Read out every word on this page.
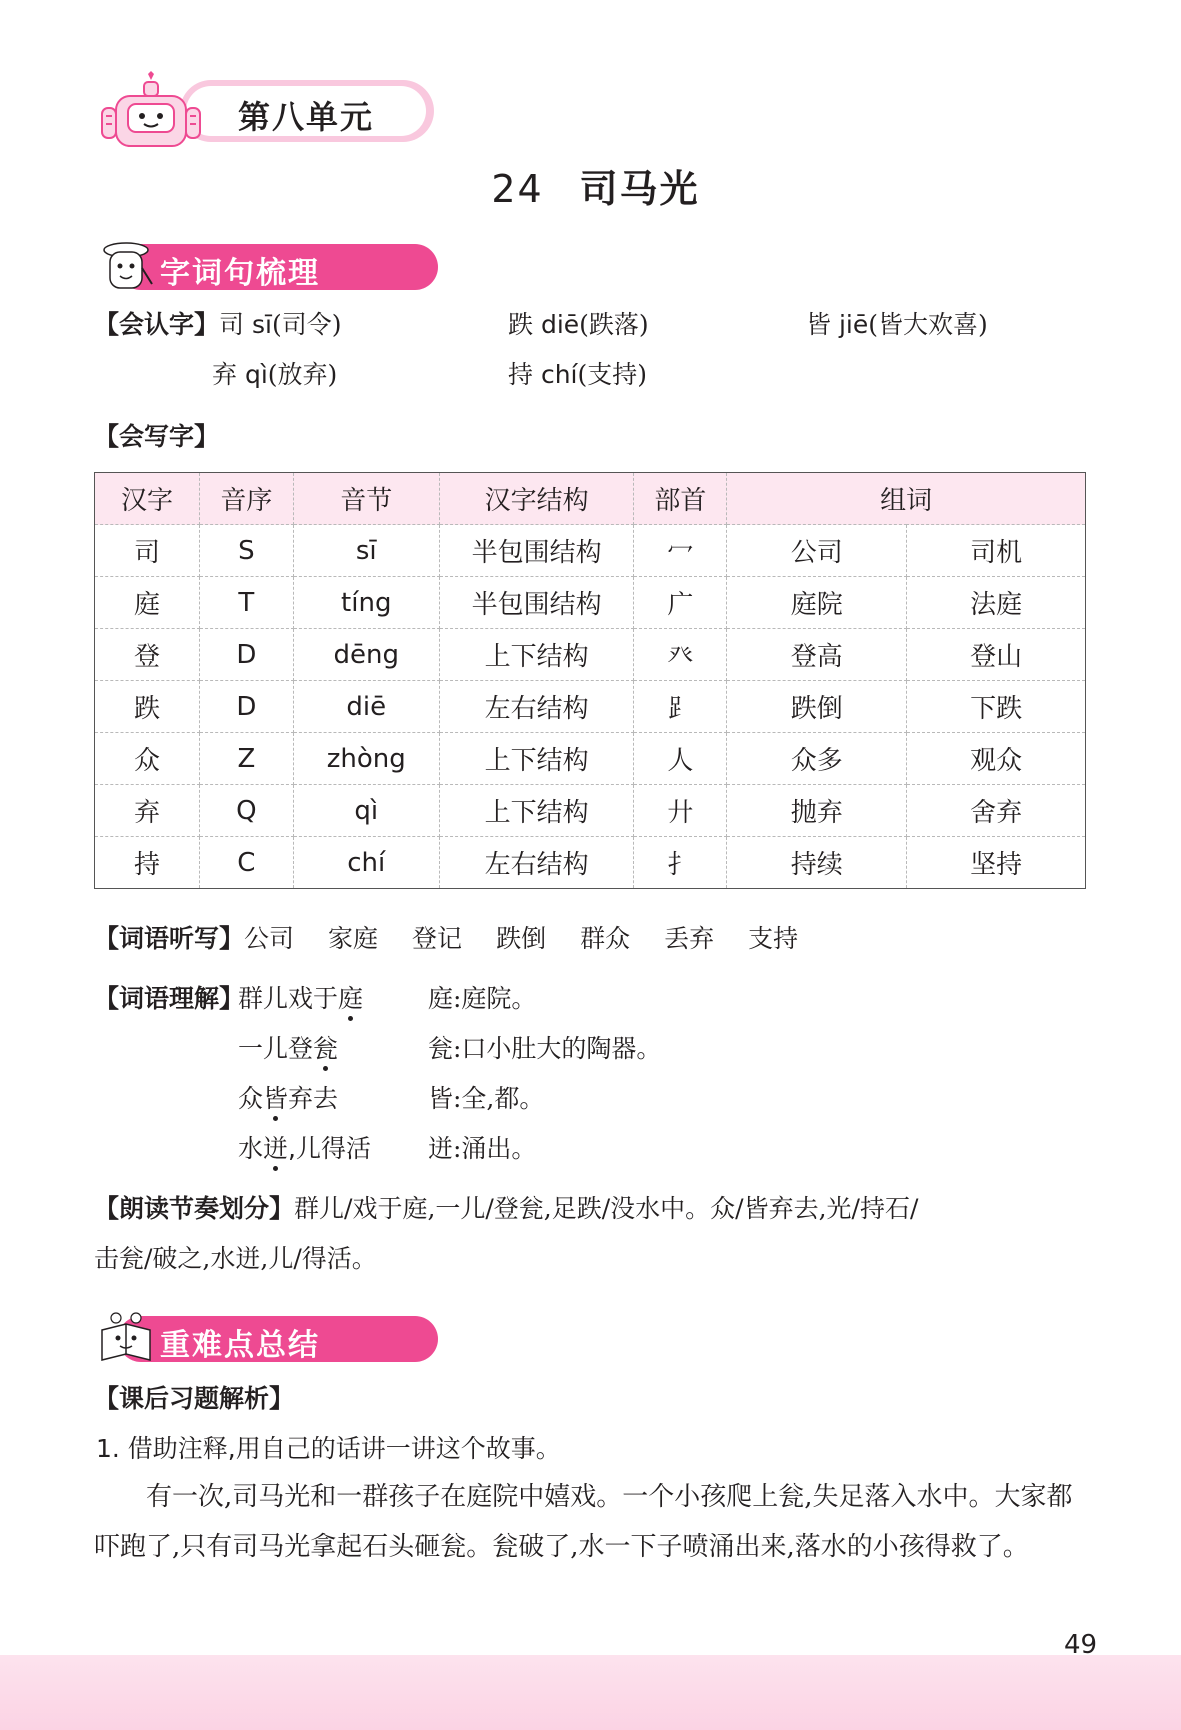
第八单元
24 司马光
字词句梳理
【会认字】司 sī(司令)	跌 diē(跌落)	皆 jiē(皆大欢喜)
弃 qì(放弃)	持 chí(支持)
【会写字】
汉字	音序	音节	汉字结构	部首	组词	
司	S	sī	半包围结构	冖	公司	司机
庭	T	tíng	半包围结构	广	庭院	法庭
登	D	dēng	上下结构	癶	登高	登山
跌	D	diē	左右结构	⻊	跌倒	下跌
众	Z	zhòng	上下结构	人	众多	观众
弃	Q	qì	上下结构	廾	抛弃	舍弃
持	C	chí	左右结构	扌	持续	坚持
【词语听写】公司 家庭 登记 跌倒 群众 丢弃 支持
【词语理解】
群儿戏于庭	庭:庭院。
一儿登瓮	瓮:口小肚大的陶器。
众皆弃去	皆:全,都。
水迸,儿得活 迸:涌出。
【朗读节奏划分】群儿/戏于庭,一儿/登瓮,足跌/没水中。众/皆弃去,光/持石/
击瓮/破之,水迸,儿/得活。
重难点总结
【课后习题解析】
1. 借助注释,用自己的话讲一讲这个故事。

有一次,司马光和一群孩子在庭院中嬉戏。一个小孩爬上瓮,失足落入水中。大家都吓跑了,只有司马光拿起石头砸瓮。瓮破了,水一下子喷涌出来,落水的小孩得救了。

49
